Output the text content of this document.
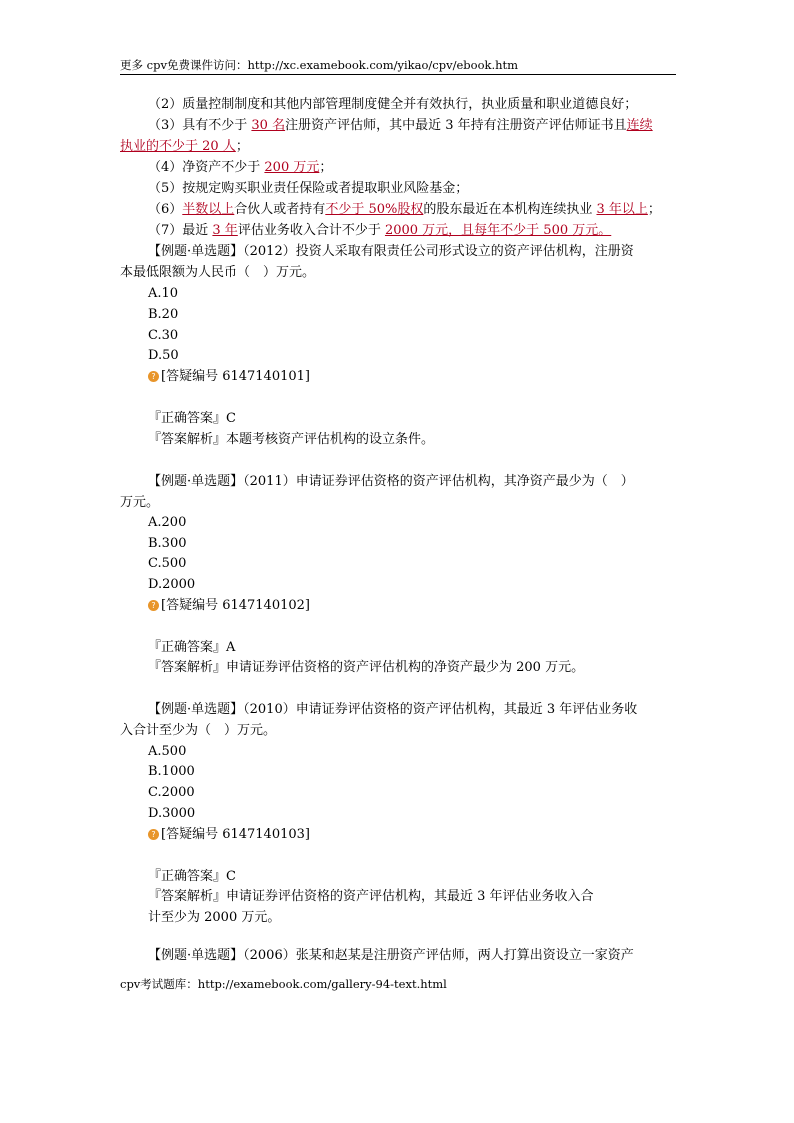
更多 cpv免费课件访问：http://xc.examebook.com/yikao/cpv/ebook.htm
（2）质量控制制度和其他内部管理制度健全并有效执行，执业质量和职业道德良好；
（3）具有不少于 30 名注册资产评估师，其中最近 3 年持有注册资产评估师证书且连续
执业的不少于 20 人；
（4）净资产不少于 200 万元；
（5）按规定购买职业责任保险或者提取职业风险基金；
（6）半数以上合伙人或者持有不少于 50%股权的股东最近在本机构连续执业 3 年以上；
（7）最近 3 年评估业务收入合计不少于 2000 万元，且每年不少于 500 万元。
【例题·单选题】（2012）投资人采取有限责任公司形式设立的资产评估机构，注册资
本最低限额为人民币（　）万元。
A.10
B.20
C.30
D.50
? [答疑编号 6147140101]
『正确答案』C
『答案解析』本题考核资产评估机构的设立条件。
【例题·单选题】（2011）申请证券评估资格的资产评估机构，其净资产最少为（　）
万元。
A.200
B.300
C.500
D.2000
? [答疑编号 6147140102]
『正确答案』A
『答案解析』申请证券评估资格的资产评估机构的净资产最少为 200 万元。
【例题·单选题】（2010）申请证券评估资格的资产评估机构，其最近 3 年评估业务收
入合计至少为（　）万元。
A.500
B.1000
C.2000
D.3000
? [答疑编号 6147140103]
『正确答案』C
『答案解析』申请证券评估资格的资产评估机构，其最近 3 年评估业务收入合
计至少为 2000 万元。
【例题·单选题】（2006）张某和赵某是注册资产评估师，两人打算出资设立一家资产
cpv考试题库：http://examebook.com/gallery-94-text.html
